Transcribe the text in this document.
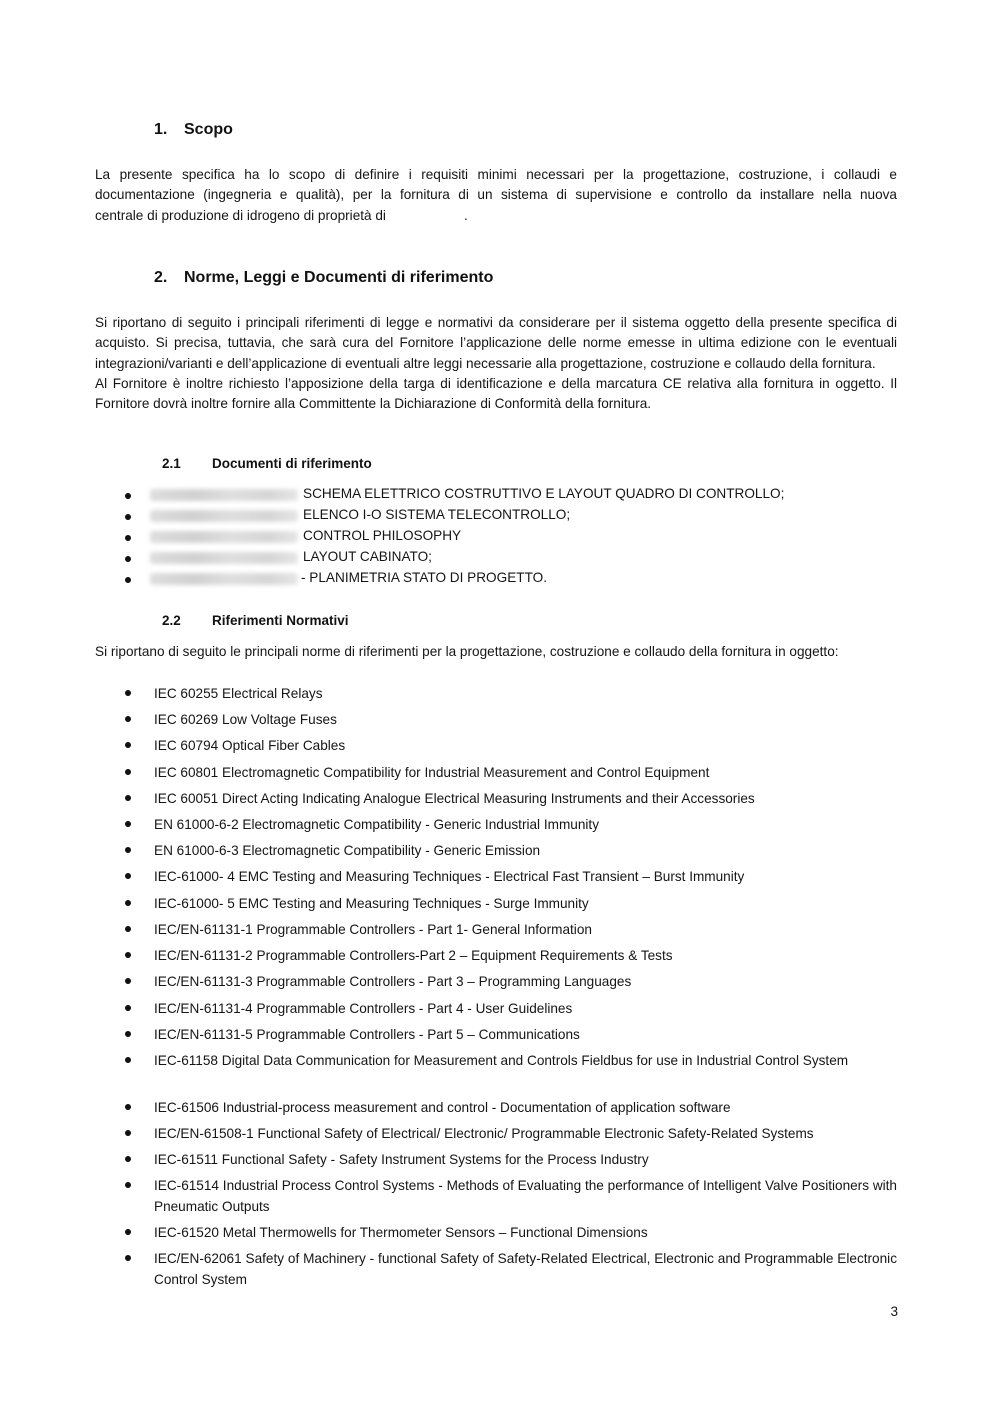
1. Scopo

La presente specifica ha lo scopo di definire i requisiti minimi necessari per la progettazione, costruzione, i collaudi e

documentazione (ingegneria e qualità), per la fornitura di un sistema di supervisione e controllo da installare nella nuova

centrale di produzione di idrogeno di proprietà di	.

2. Norme, Leggi e Documenti di riferimento

Si riportano di seguito i principali riferimenti di legge e normativi da considerare per il sistema oggetto della presente specifica di acquisto. Si precisa, tuttavia, che sarà cura del Fornitore l’applicazione delle norme emesse in ultima edizione con le eventuali integrazioni/varianti e dell’applicazione di eventuali altre leggi necessarie alla progettazione, costruzione e collaudo della fornitura.

Al Fornitore è inoltre richiesto l’apposizione della targa di identificazione e della marcatura CE relativa alla fornitura in oggetto. Il Fornitore dovrà inoltre fornire alla Committente la Dichiarazione di Conformità della fornitura.

2.1 Documenti di riferimento
SCHEMA ELETTRICO COSTRUTTIVO E LAYOUT QUADRO DI CONTROLLO;
ELENCO I-O SISTEMA TELECONTROLLO;
CONTROL PHILOSOPHY
LAYOUT CABINATO;
- PLANIMETRIA STATO DI PROGETTO.
2.2 Riferimenti Normativi

Si riportano di seguito le principali norme di riferimenti per la progettazione, costruzione e collaudo della fornitura in oggetto:

IEC 60255 Electrical Relays
IEC 60269 Low Voltage Fuses
IEC 60794 Optical Fiber Cables
IEC 60801 Electromagnetic Compatibility for Industrial Measurement and Control Equipment
IEC 60051 Direct Acting Indicating Analogue Electrical Measuring Instruments and their Accessories
EN 61000-6-2 Electromagnetic Compatibility - Generic Industrial Immunity
EN 61000-6-3 Electromagnetic Compatibility - Generic Emission
IEC-61000- 4 EMC Testing and Measuring Techniques - Electrical Fast Transient – Burst Immunity
IEC-61000- 5 EMC Testing and Measuring Techniques - Surge Immunity
IEC/EN-61131-1 Programmable Controllers - Part 1- General Information
IEC/EN-61131-2 Programmable Controllers-Part 2 – Equipment Requirements & Tests
IEC/EN-61131-3 Programmable Controllers - Part 3 – Programming Languages
IEC/EN-61131-4 Programmable Controllers - Part 4 - User Guidelines
IEC/EN-61131-5 Programmable Controllers - Part 5 – Communications
IEC-61158 Digital Data Communication for Measurement and Controls Fieldbus for use in Industrial Control System
IEC-61506 Industrial-process measurement and control - Documentation of application software
IEC/EN-61508-1 Functional Safety of Electrical/ Electronic/ Programmable Electronic Safety-Related Systems
IEC-61511 Functional Safety - Safety Instrument Systems for the Process Industry
IEC-61514 Industrial Process Control Systems - Methods of Evaluating the performance of Intelligent Valve Positioners with Pneumatic Outputs
IEC-61520 Metal Thermowells for Thermometer Sensors – Functional Dimensions
IEC/EN-62061 Safety of Machinery - functional Safety of Safety-Related Electrical, Electronic and Programmable Electronic Control System
3
